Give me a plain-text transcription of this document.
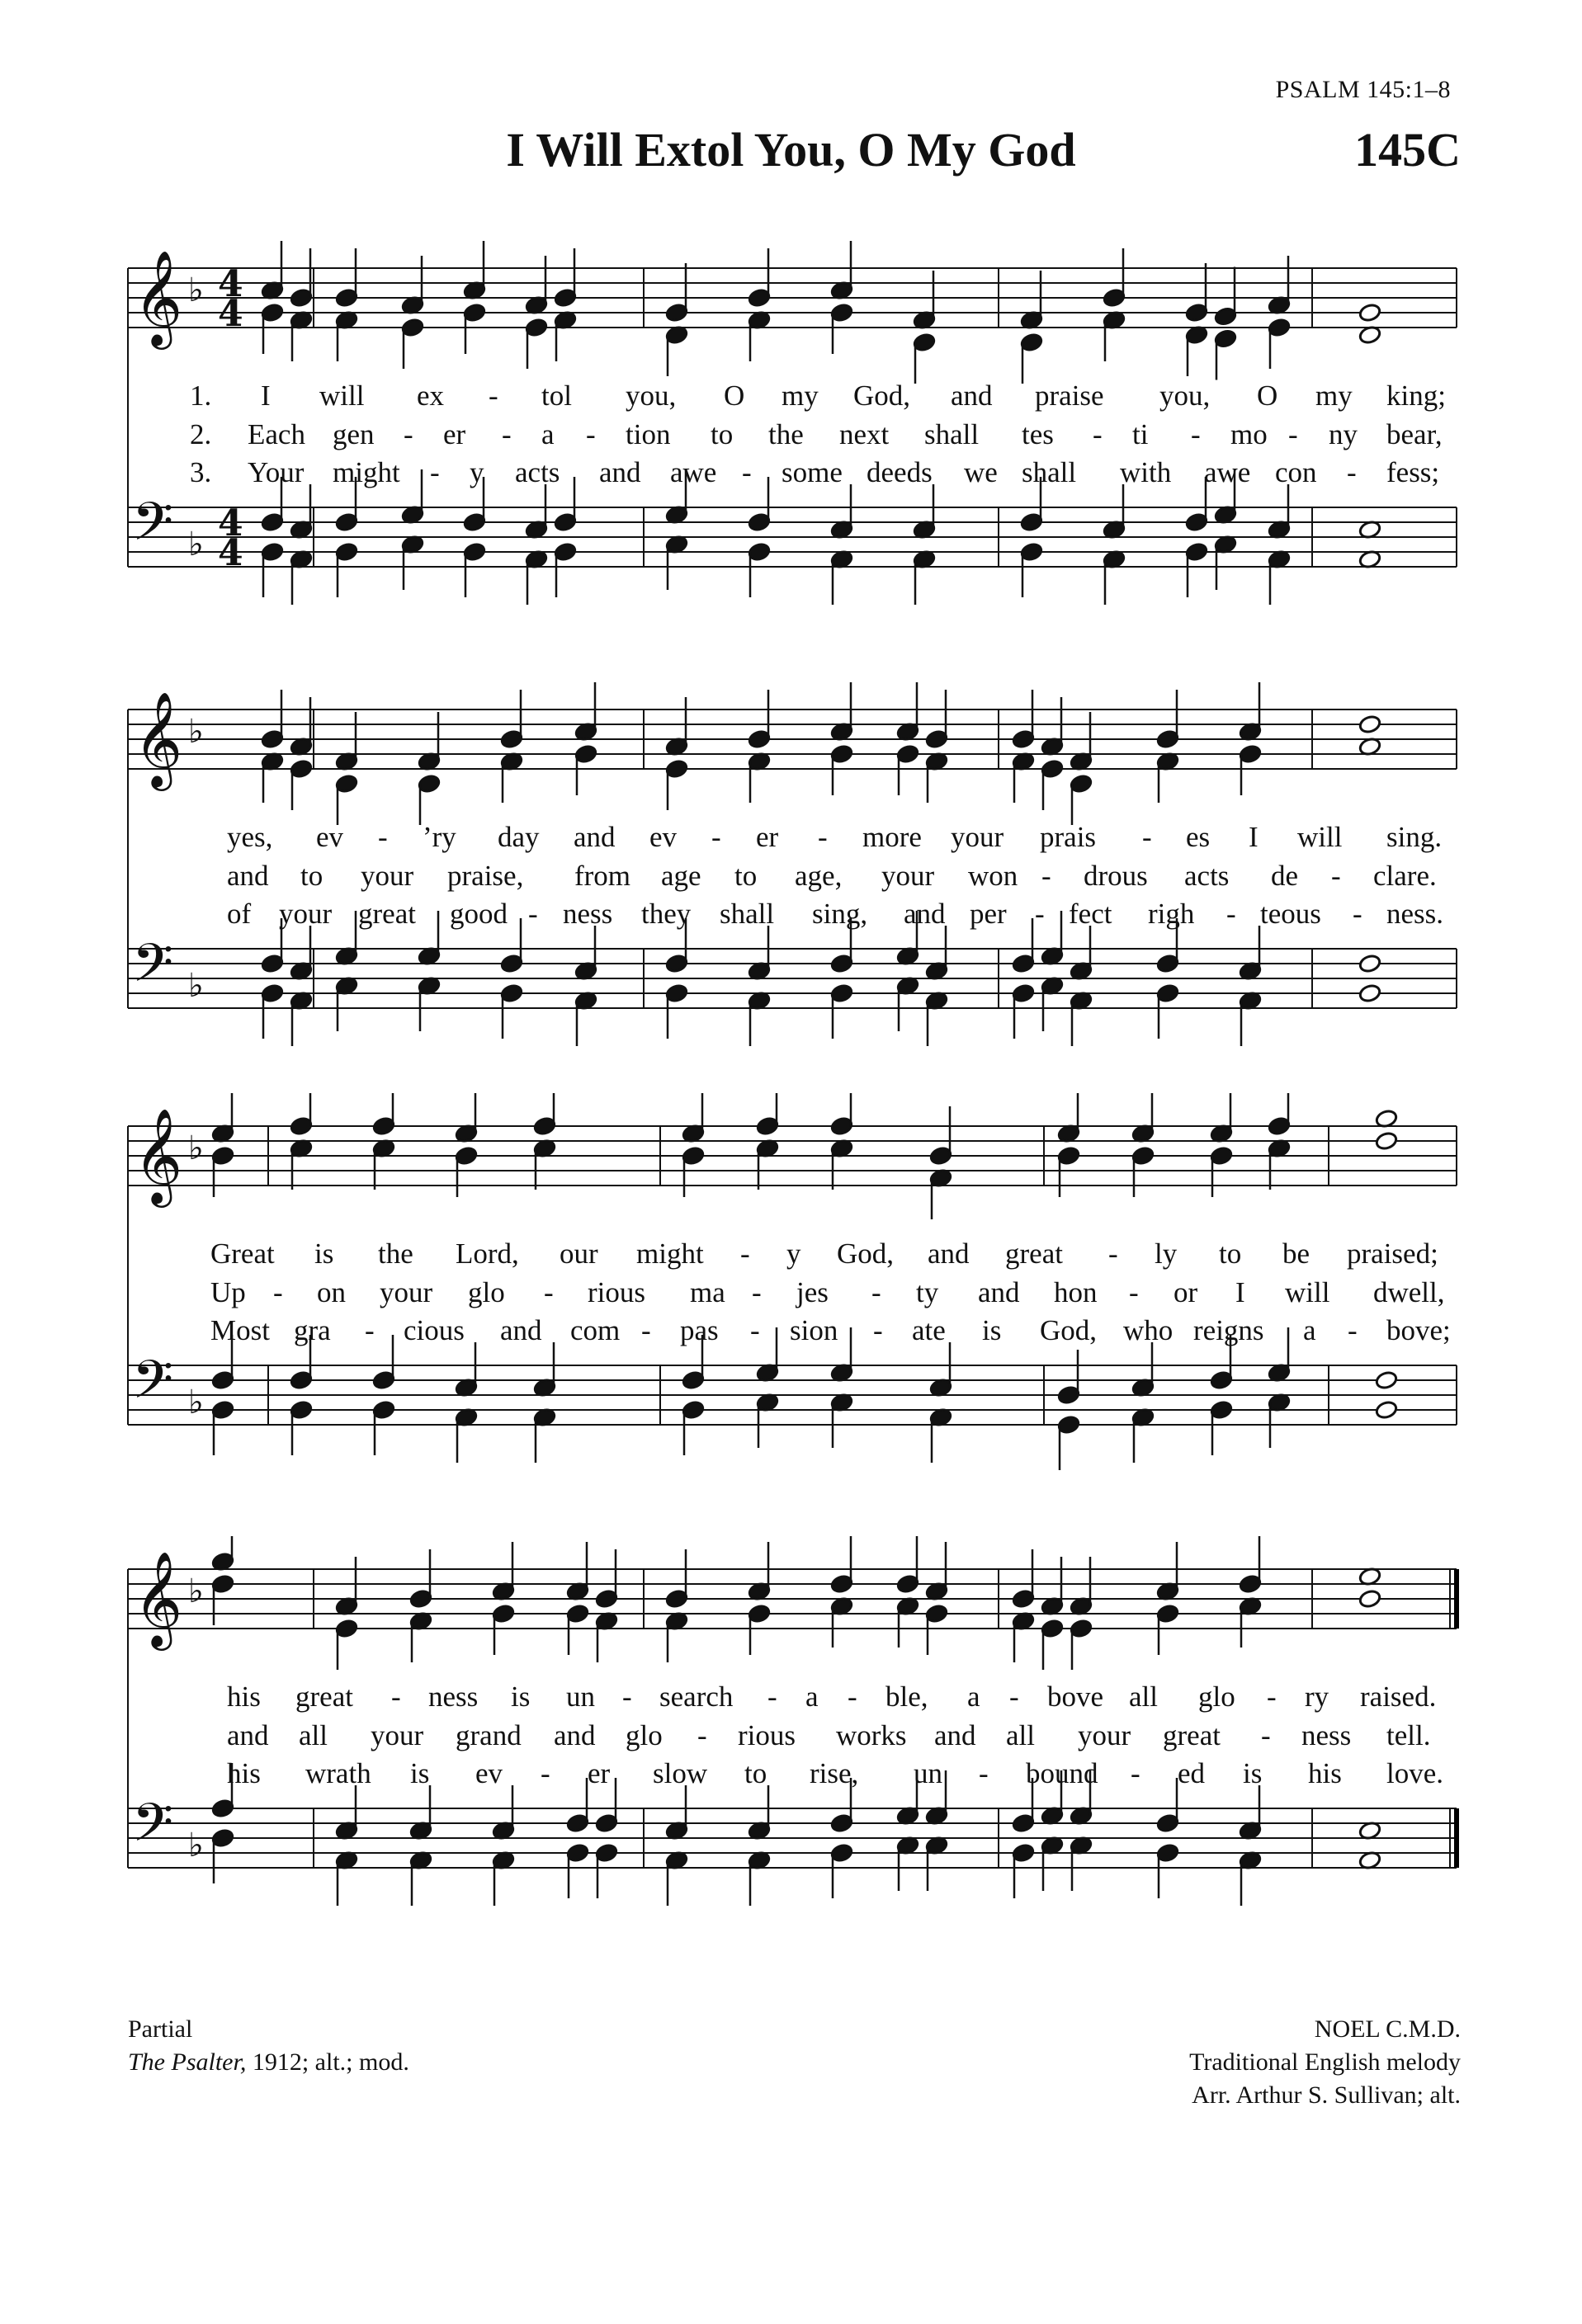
PSALM 145:1–8
I Will Extol You, O My God	145C
𝄞 ♭ 4
4
𝄢 ♭ 4
4
1. I will ex - tol you, O my God, and praise you, O my king;
2. Each gen - er - a - tion to the next shall tes - ti - mo - ny bear,
3. Your might - y acts and awe - some deeds we shall with awe con - fess;
𝄞 ♭
𝄢 ♭
yes, ev - ’ry day and ev - er - more your prais - es I will sing.
and to your praise, from age to age, your won - drous acts de - clare.
of your great good - ness they shall sing, and per - fect righ - teous - ness.
𝄞 ♭
𝄢 ♭
Great is the Lord, our might - y God, and great - ly to be praised;
Up - on your glo - rious ma - jes - ty and hon - or I will dwell,
Most gra - cious and com - pas - sion - ate is God, who reigns a - bove;
𝄞 ♭
𝄢 ♭
his great - ness is un - search - a - ble, a - bove all glo - ry raised.
and all your grand and glo - rious works and all your great - ness tell.
his wrath is ev - er slow to rise, un - bound - ed is his love.
Partial
The Psalter, 1912; alt.; mod.
NOEL C.M.D.
Traditional English melody
Arr. Arthur S. Sullivan; alt.
